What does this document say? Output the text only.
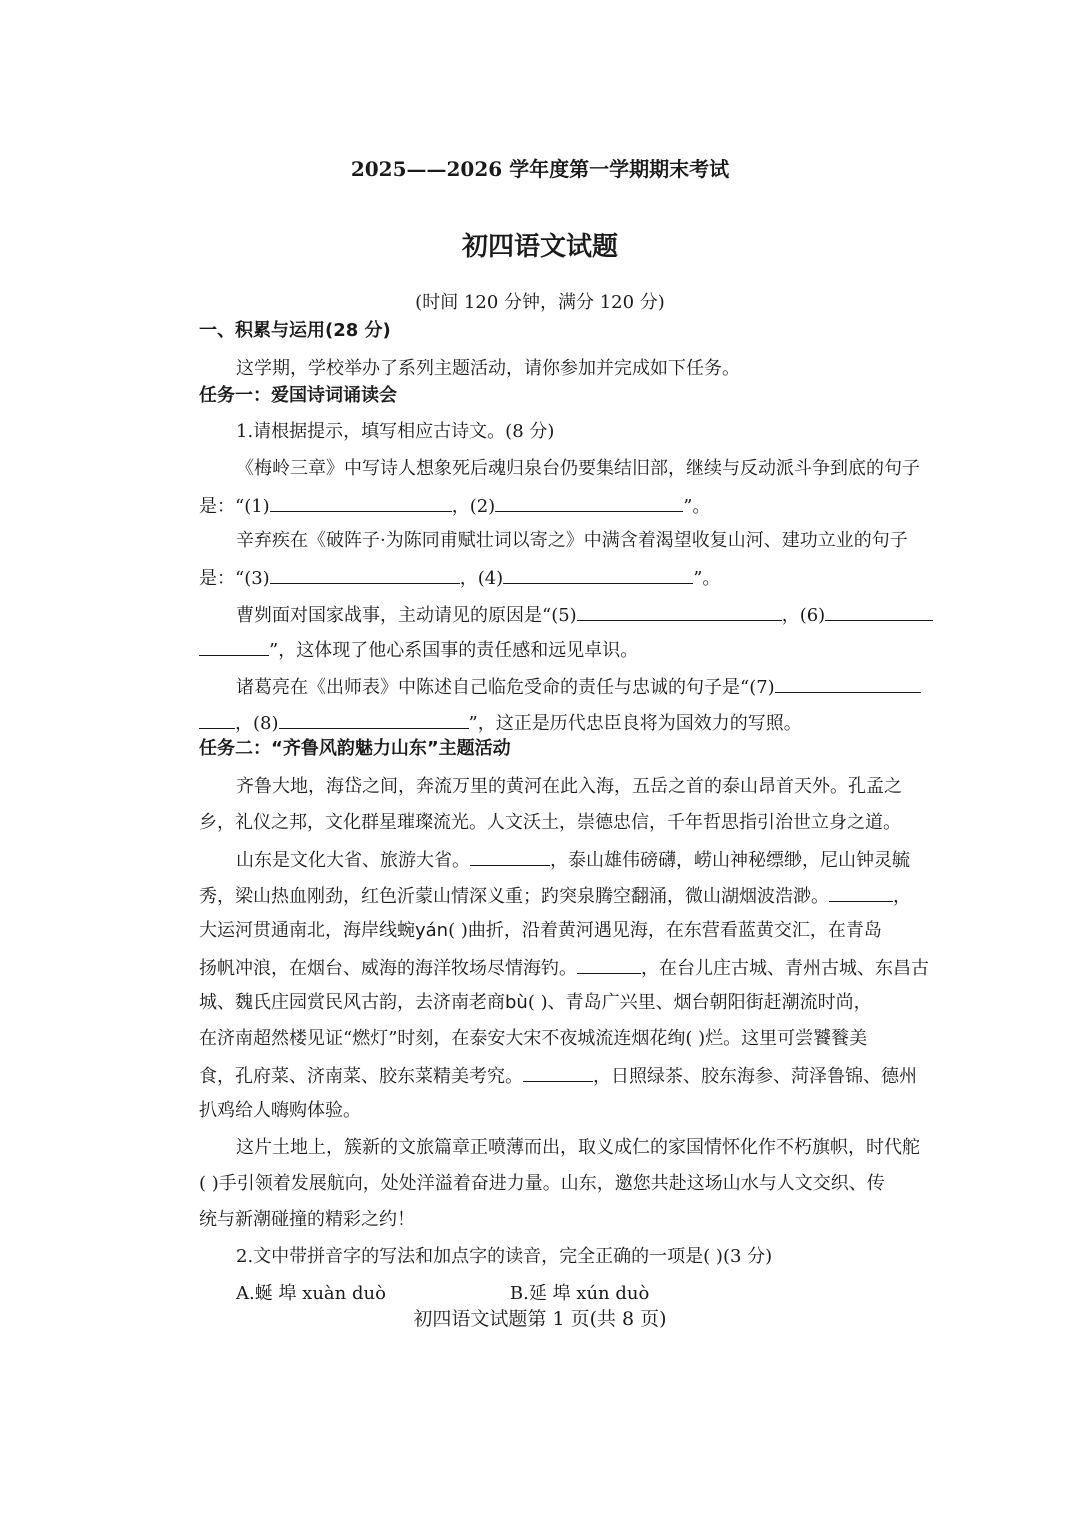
2025——2026 学年度第一学期期末考试
初四语文试题
(时间 120 分钟，满分 120 分)
一、积累与运用(28 分)
这学期，学校举办了系列主题活动，请你参加并完成如下任务。
任务一：爱国诗词诵读会
1.请根据提示，填写相应古诗文。(8 分)
《梅岭三章》中写诗人想象死后魂归泉台仍要集结旧部，继续与反动派斗争到底的句子
是：“(1)	，(2)	”。
辛弃疾在《破阵子·为陈同甫赋壮词以寄之》中满含着渴望收复山河、建功立业的句子
是：“(3)	，(4)	”。
曹刿面对国家战事，主动请见的原因是“(5)	，(6)
”，这体现了他心系国事的责任感和远见卓识。
诸葛亮在《出师表》中陈述自己临危受命的责任与忠诚的句子是“(7)
，(8)	”，这正是历代忠臣良将为国效力的写照。
任务二：“齐鲁风韵魅力山东”主题活动
齐鲁大地，海岱之间，奔流万里的黄河在此入海，五岳之首的泰山昂首天外。孔孟之
乡，礼仪之邦，文化群星璀璨流光。人文沃土，崇德忠信，千年哲思指引治世立身之道。
山东是文化大省、旅游大省。	，泰山雄伟磅礴，崂山神秘缥缈，尼山钟灵毓
秀，梁山热血刚劲，红色沂蒙山情深义重；趵突泉腾空翻涌，微山湖烟波浩渺。	，
大运河贯通南北，海岸线蜿yán( )曲折，沿着黄河遇见海，在东营看蓝黄交汇，在青岛
扬帆冲浪，在烟台、威海的海洋牧场尽情海钓。	，在台儿庄古城、青州古城、东昌古
城、魏氏庄园赏民风古韵，去济南老商bù( )、青岛广兴里、烟台朝阳街赶潮流时尚，
在济南超然楼见证“燃灯”时刻，在泰安大宋不夜城流连烟花绚( )烂。这里可尝饕餮美
食，孔府菜、济南菜、胶东菜精美考究。	，日照绿茶、胶东海参、菏泽鲁锦、德州
扒鸡给人嗨购体验。
这片土地上，簇新的文旅篇章正喷薄而出，取义成仁的家国情怀化作不朽旗帜，时代舵
( )手引领着发展航向，处处洋溢着奋进力量。山东，邀您共赴这场山水与人文交织、传
统与新潮碰撞的精彩之约！
2.文中带拼音字的写法和加点字的读音，完全正确的一项是( )(3 分)
A.蜒 埠 xuàn duò	B.延 埠 xún duò
初四语文试题第 1 页(共 8 页)
